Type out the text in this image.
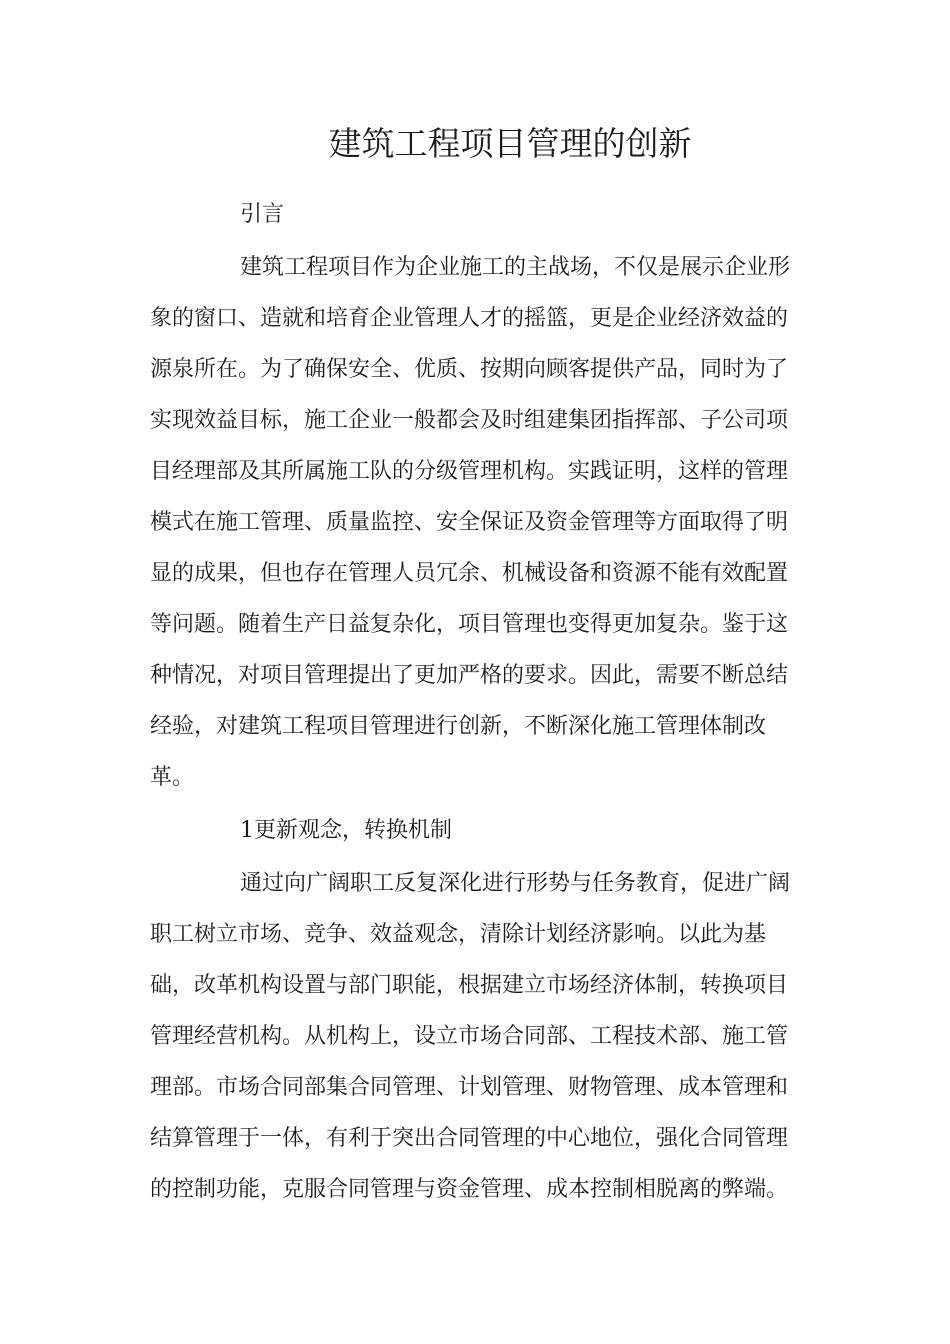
建筑工程项目管理的创新

引言

建筑工程项目作为企业施工的主战场，不仅是展示企业形

象的窗口、造就和培育企业管理人才的摇篮，更是企业经济效益的

源泉所在。为了确保安全、优质、按期向顾客提供产品，同时为了

实现效益目标，施工企业一般都会及时组建集团指挥部、子公司项

目经理部及其所属施工队的分级管理机构。实践证明，这样的管理

模式在施工管理、质量监控、安全保证及资金管理等方面取得了明

显的成果，但也存在管理人员冗余、机械设备和资源不能有效配置

等问题。随着生产日益复杂化，项目管理也变得更加复杂。鉴于这

种情况，对项目管理提出了更加严格的要求。因此，需要不断总结

经验，对建筑工程项目管理进行创新，不断深化施工管理体制改

革。

1更新观念，转换机制

通过向广阔职工反复深化进行形势与任务教育，促进广阔

职工树立市场、竞争、效益观念，清除计划经济影响。以此为基

础，改革机构设置与部门职能，根据建立市场经济体制，转换项目

管理经营机构。从机构上，设立市场合同部、工程技术部、施工管

理部。市场合同部集合同管理、计划管理、财物管理、成本管理和

结算管理于一体，有利于突出合同管理的中心地位，强化合同管理

的控制功能，克服合同管理与资金管理、成本控制相脱离的弊端。
